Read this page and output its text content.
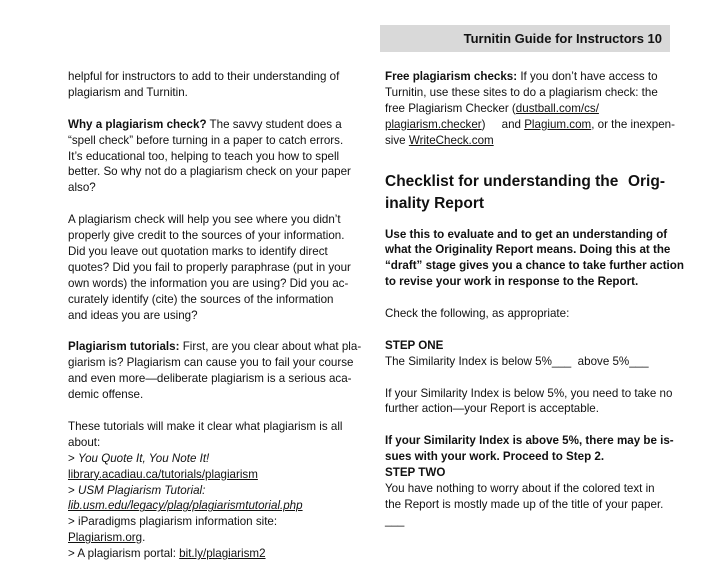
Turnitin Guide for Instructors 10

helpful for instructors to add to their understanding of
plagiarism and Turnitin.

Why a plagiarism check? The savvy student does a
“spell check” before turning in a paper to catch errors.
It’s educational too, helping to teach you how to spell
better. So why not do a plagiarism check on your paper
also?

A plagiarism check will help you see where you didn’t
properly give credit to the sources of your information.
Did you leave out quotation marks to identify direct
quotes? Did you fail to properly paraphrase (put in your
own words) the information you are using? Did you ac-
curately identify (cite) the sources of the information
and ideas you are using?

Plagiarism tutorials: First, are you clear about what pla-
giarism is? Plagiarism can cause you to fail your course
and even more—deliberate plagiarism is a serious aca-
demic offense.

These tutorials will make it clear what plagiarism is all
about:
> You Quote It, You Note It!
library.acadiau.ca/tutorials/plagiarism
> USM Plagiarism Tutorial:
lib.usm.edu/legacy/plag/plagiarismtutorial.php
> iParadigms plagiarism information site:
Plagiarism.org.
> A plagiarism portal: bit.ly/plagiarism2

Free plagiarism checks: If you don’t have access to
Turnitin, use these sites to do a plagiarism check: the
free Plagiarism Checker (dustball.com/cs/
plagiarism.checker)     and Plagium.com, or the inexpen-
sive WriteCheck.com

Checklist for understanding the Orig-
inality Report

Use this to evaluate and to get an understanding of
what the Originality Report means. Doing this at the
“draft” stage gives you a chance to take further action
to revise your work in response to the Report.

Check the following, as appropriate:

STEP ONE
The Similarity Index is below 5%___  above 5%___

If your Similarity Index is below 5%, you need to take no
further action—your Report is acceptable.

If your Similarity Index is above 5%, there may be is-
sues with your work. Proceed to Step 2.
STEP TWO
You have nothing to worry about if the colored text in
the Report is mostly made up of the title of your paper.
___
